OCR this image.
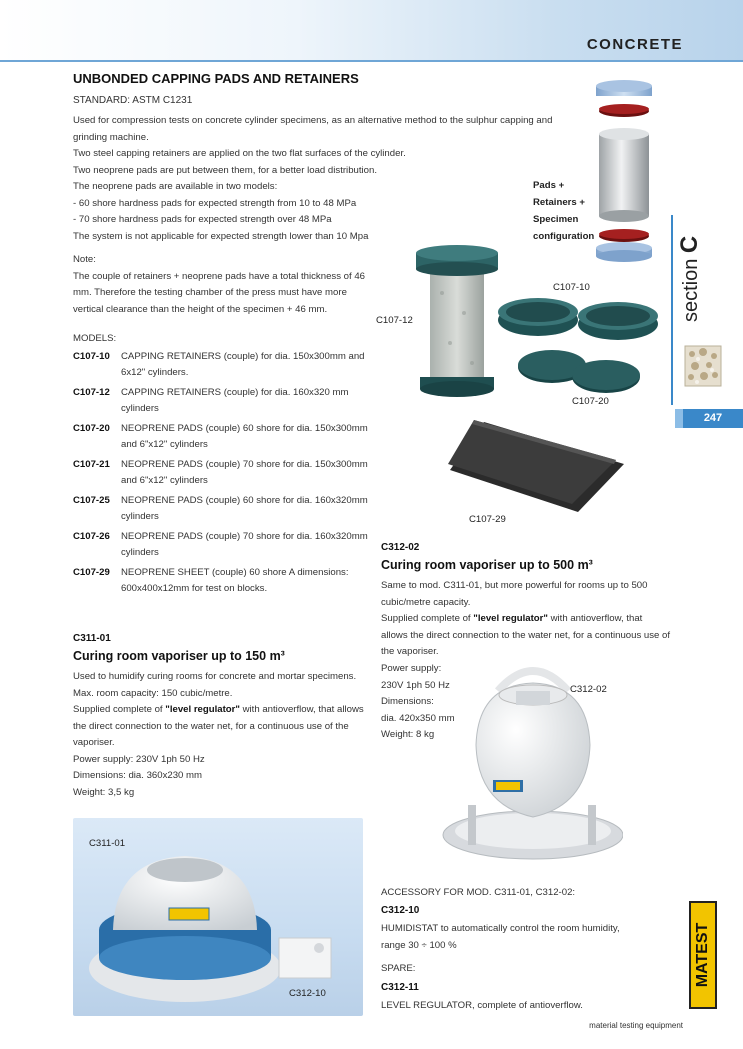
CONCRETE
UNBONDED CAPPING PADS AND RETAINERS
STANDARD: ASTM C1231
Used for compression tests on concrete cylinder specimens, as an alternative method to the sulphur capping and grinding machine.
Two steel capping retainers are applied on the two flat surfaces of the cylinder.
Two neoprene pads are put between them, for a better load distribution.
The neoprene pads are available in two models:
- 60 shore hardness pads for expected strength from 10 to 48 MPa
- 70 shore hardness pads for expected strength over 48 MPa
The system is not applicable for expected strength lower than 10 Mpa
Note:
The couple of retainers + neoprene pads have a total thickness of 46 mm. Therefore the testing chamber of the press must have more vertical clearance than the height of the specimen + 46 mm.
MODELS:
C107-10	CAPPING RETAINERS (couple) for dia. 150x300mm and 6x12" cylinders.
C107-12	CAPPING RETAINERS (couple) for dia. 160x320 mm cylinders
C107-20	NEOPRENE PADS (couple) 60 shore for dia. 150x300mm and 6"x12" cylinders
C107-21	NEOPRENE PADS (couple) 70 shore for dia. 150x300mm and 6"x12" cylinders
C107-25	NEOPRENE PADS (couple) 60 shore for dia. 160x320mm cylinders
C107-26	NEOPRENE PADS (couple) 70 shore for dia. 160x320mm cylinders
C107-29	NEOPRENE SHEET (couple) 60 shore A dimensions: 600x400x12mm for test on blocks.
Pads +
Retainers +
Specimen
configuration
section C
247
C107-12
C107-10
C107-20
C107-29
C312-02
Curing room vaporiser up to 500 m³
Same to mod. C311-01, but more powerful for rooms up to 500 cubic/metre capacity.
Supplied complete of "level regulator" with antioverflow, that allows the direct connection to the water net, for a continuous use of the vaporiser.
Power supply:
230V 1ph 50 Hz
Dimensions:
dia. 420x350 mm
Weight: 8 kg
C312-02
C311-01
Curing room vaporiser up to 150 m³
Used to humidify curing rooms for concrete and mortar specimens.
Max. room capacity: 150 cubic/metre.
Supplied complete of "level regulator" with antioverflow, that allows the direct connection to the water net, for a continuous use of the vaporiser.
Power supply: 230V 1ph 50 Hz
Dimensions: dia. 360x230 mm
Weight: 3,5 kg
C311-01
C312-10
ACCESSORY FOR MOD. C311-01, C312-02:
C312-10
HUMIDISTAT to automatically control the room humidity, range 30 ÷ 100 %
SPARE:
C312-11
LEVEL REGULATOR, complete of antioverflow.
MATEST
material testing equipment
